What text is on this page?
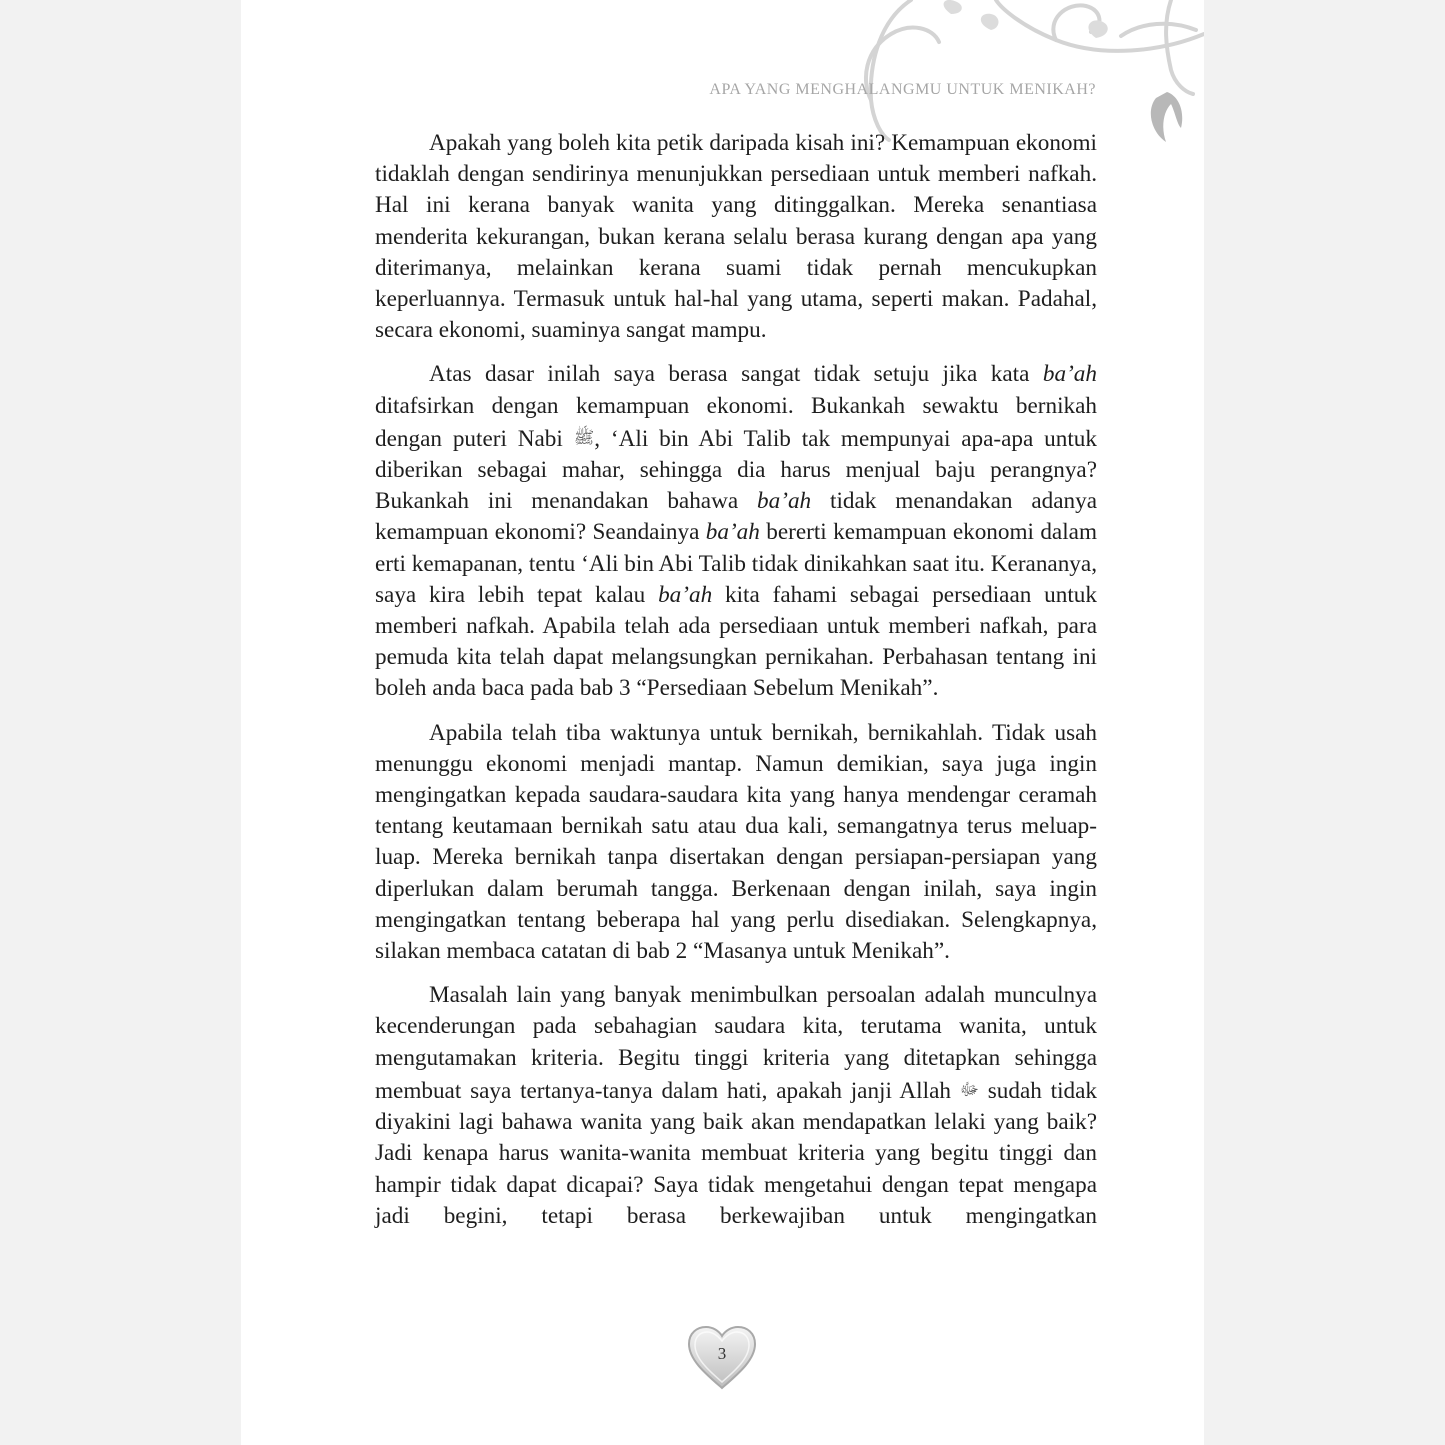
APA YANG MENGHALANGMU UNTUK MENIKAH?

Apakah yang boleh kita petik daripada kisah ini? Kemampuan ekonomi tidaklah dengan sendirinya menunjukkan persediaan untuk memberi nafkah. Hal ini kerana banyak wanita yang ditinggalkan. Mereka senantiasa menderita kekurangan, bukan kerana selalu berasa kurang dengan apa yang diterimanya, melainkan kerana suami tidak pernah mencukupkan keperluannya. Termasuk untuk hal-hal yang utama, seperti makan. Padahal, secara ekonomi, suaminya sangat mampu.

Atas dasar inilah saya berasa sangat tidak setuju jika kata ba’ah ditafsirkan dengan kemampuan ekonomi. Bukankah sewaktu bernikah dengan puteri Nabi ﷺ, ‘Ali bin Abi Talib tak mempunyai apa-apa untuk diberikan sebagai mahar, sehingga dia harus menjual baju perangnya? Bukankah ini menandakan bahawa ba’ah tidak menandakan adanya kemampuan ekonomi? Seandainya ba’ah bererti kemampuan ekonomi dalam erti kemapanan, tentu ‘Ali bin Abi Talib tidak dinikahkan saat itu. Kerananya, saya kira lebih tepat kalau ba’ah kita fahami sebagai persediaan untuk memberi nafkah. Apabila telah ada persediaan untuk memberi nafkah, para pemuda kita telah dapat melangsungkan pernikahan. Perbahasan tentang ini boleh anda baca pada bab 3 “Persediaan Sebelum Menikah”.

Apabila telah tiba waktunya untuk bernikah, bernikahlah. Tidak usah menunggu ekonomi menjadi mantap. Namun demikian, saya juga ingin mengingatkan kepada saudara-saudara kita yang hanya mendengar ceramah tentang keutamaan bernikah satu atau dua kali, semangatnya terus meluap-luap. Mereka bernikah tanpa disertakan dengan persiapan-persiapan yang diperlukan dalam berumah tangga. Berkenaan dengan inilah, saya ingin mengingatkan tentang beberapa hal yang perlu disediakan. Selengkapnya, silakan membaca catatan di bab 2 “Masanya untuk Menikah”.

Masalah lain yang banyak menimbulkan persoalan adalah munculnya kecenderungan pada sebahagian saudara kita, terutama wanita, untuk mengutamakan kriteria. Begitu tinggi kriteria yang ditetapkan sehingga membuat saya tertanya-tanya dalam hati, apakah janji Allah ﷻ sudah tidak diyakini lagi bahawa wanita yang baik akan mendapatkan lelaki yang baik? Jadi kenapa harus wanita-wanita membuat kriteria yang begitu tinggi dan hampir tidak dapat dicapai? Saya tidak mengetahui dengan tepat mengapa jadi begini, tetapi berasa berkewajiban untuk mengingatkan

3
